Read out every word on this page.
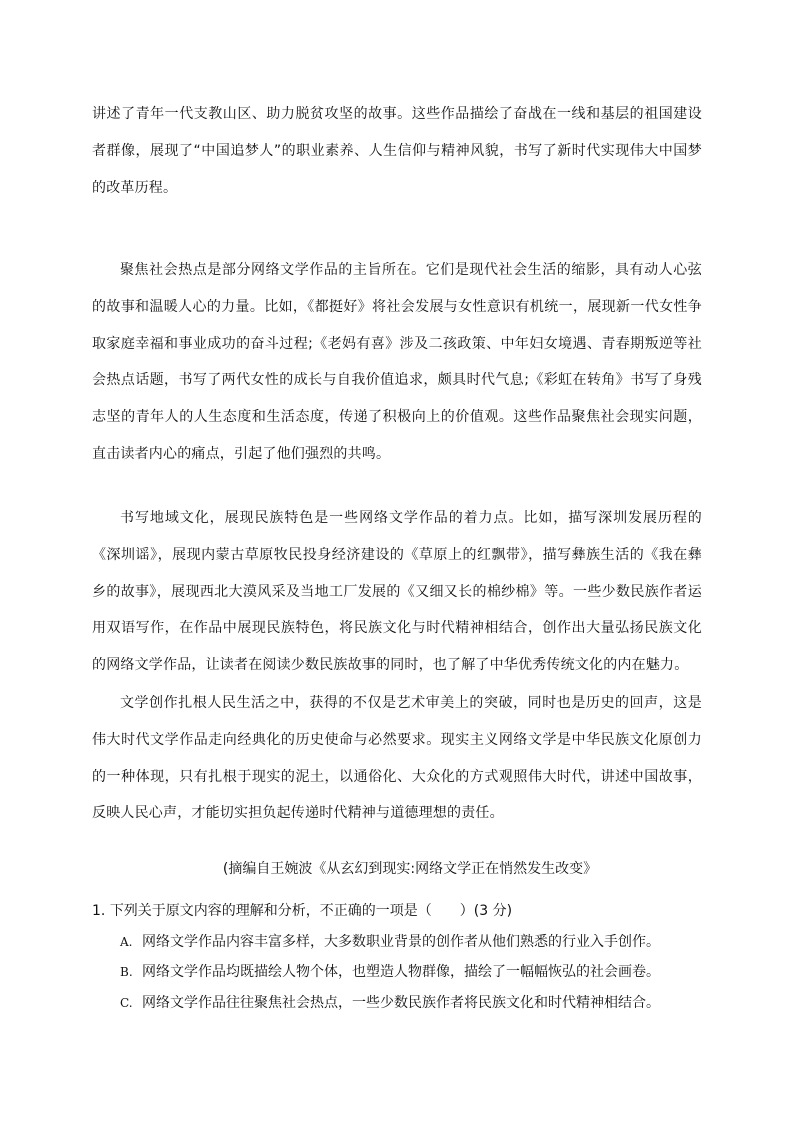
讲述了青年一代支教山区、助力脱贫攻坚的故事。这些作品描绘了奋战在一线和基层的祖国建设者群像，展现了“中国追梦人”的职业素养、人生信仰与精神风貌，书写了新时代实现伟大中国梦的改革历程。

聚焦社会热点是部分网络文学作品的主旨所在。它们是现代社会生活的缩影，具有动人心弦的故事和温暖人心的力量。比如，《都挺好》将社会发展与女性意识有机统一，展现新一代女性争取家庭幸福和事业成功的奋斗过程;《老妈有喜》涉及二孩政策、中年妇女境遇、青春期叛逆等社会热点话题，书写了两代女性的成长与自我价值追求，颇具时代气息;《彩虹在转角》书写了身残志坚的青年人的人生态度和生活态度，传递了积极向上的价值观。这些作品聚焦社会现实问题，直击读者内心的痛点，引起了他们强烈的共鸣。

书写地域文化，展现民族特色是一些网络文学作品的着力点。比如，描写深圳发展历程的《深圳谣》，展现内蒙古草原牧民投身经济建设的《草原上的红飘带》，描写彝族生活的《我在彝乡的故事》，展现西北大漠风采及当地工厂发展的《又细又长的棉纱棉》等。一些少数民族作者运用双语写作，在作品中展现民族特色，将民族文化与时代精神相结合，创作出大量弘扬民族文化的网络文学作品，让读者在阅读少数民族故事的同时，也了解了中华优秀传统文化的内在魅力。

文学创作扎根人民生活之中，获得的不仅是艺术审美上的突破，同时也是历史的回声，这是伟大时代文学作品走向经典化的历史使命与必然要求。现实主义网络文学是中华民族文化原创力的一种体现，只有扎根于现实的泥土，以通俗化、大众化的方式观照伟大时代，讲述中国故事，反映人民心声，才能切实担负起传递时代精神与道德理想的责任。

(摘编自王婉波《从玄幻到现实:网络文学正在悄然发生改变》

1. 下列关于原文内容的理解和分析，不正确的一项是（　　）(3 分)

A. 网络文学作品内容丰富多样，大多数职业背景的创作者从他们熟悉的行业入手创作。

B. 网络文学作品均既描绘人物个体，也塑造人物群像，描绘了一幅幅恢弘的社会画卷。

C. 网络文学作品往往聚焦社会热点，一些少数民族作者将民族文化和时代精神相结合。
